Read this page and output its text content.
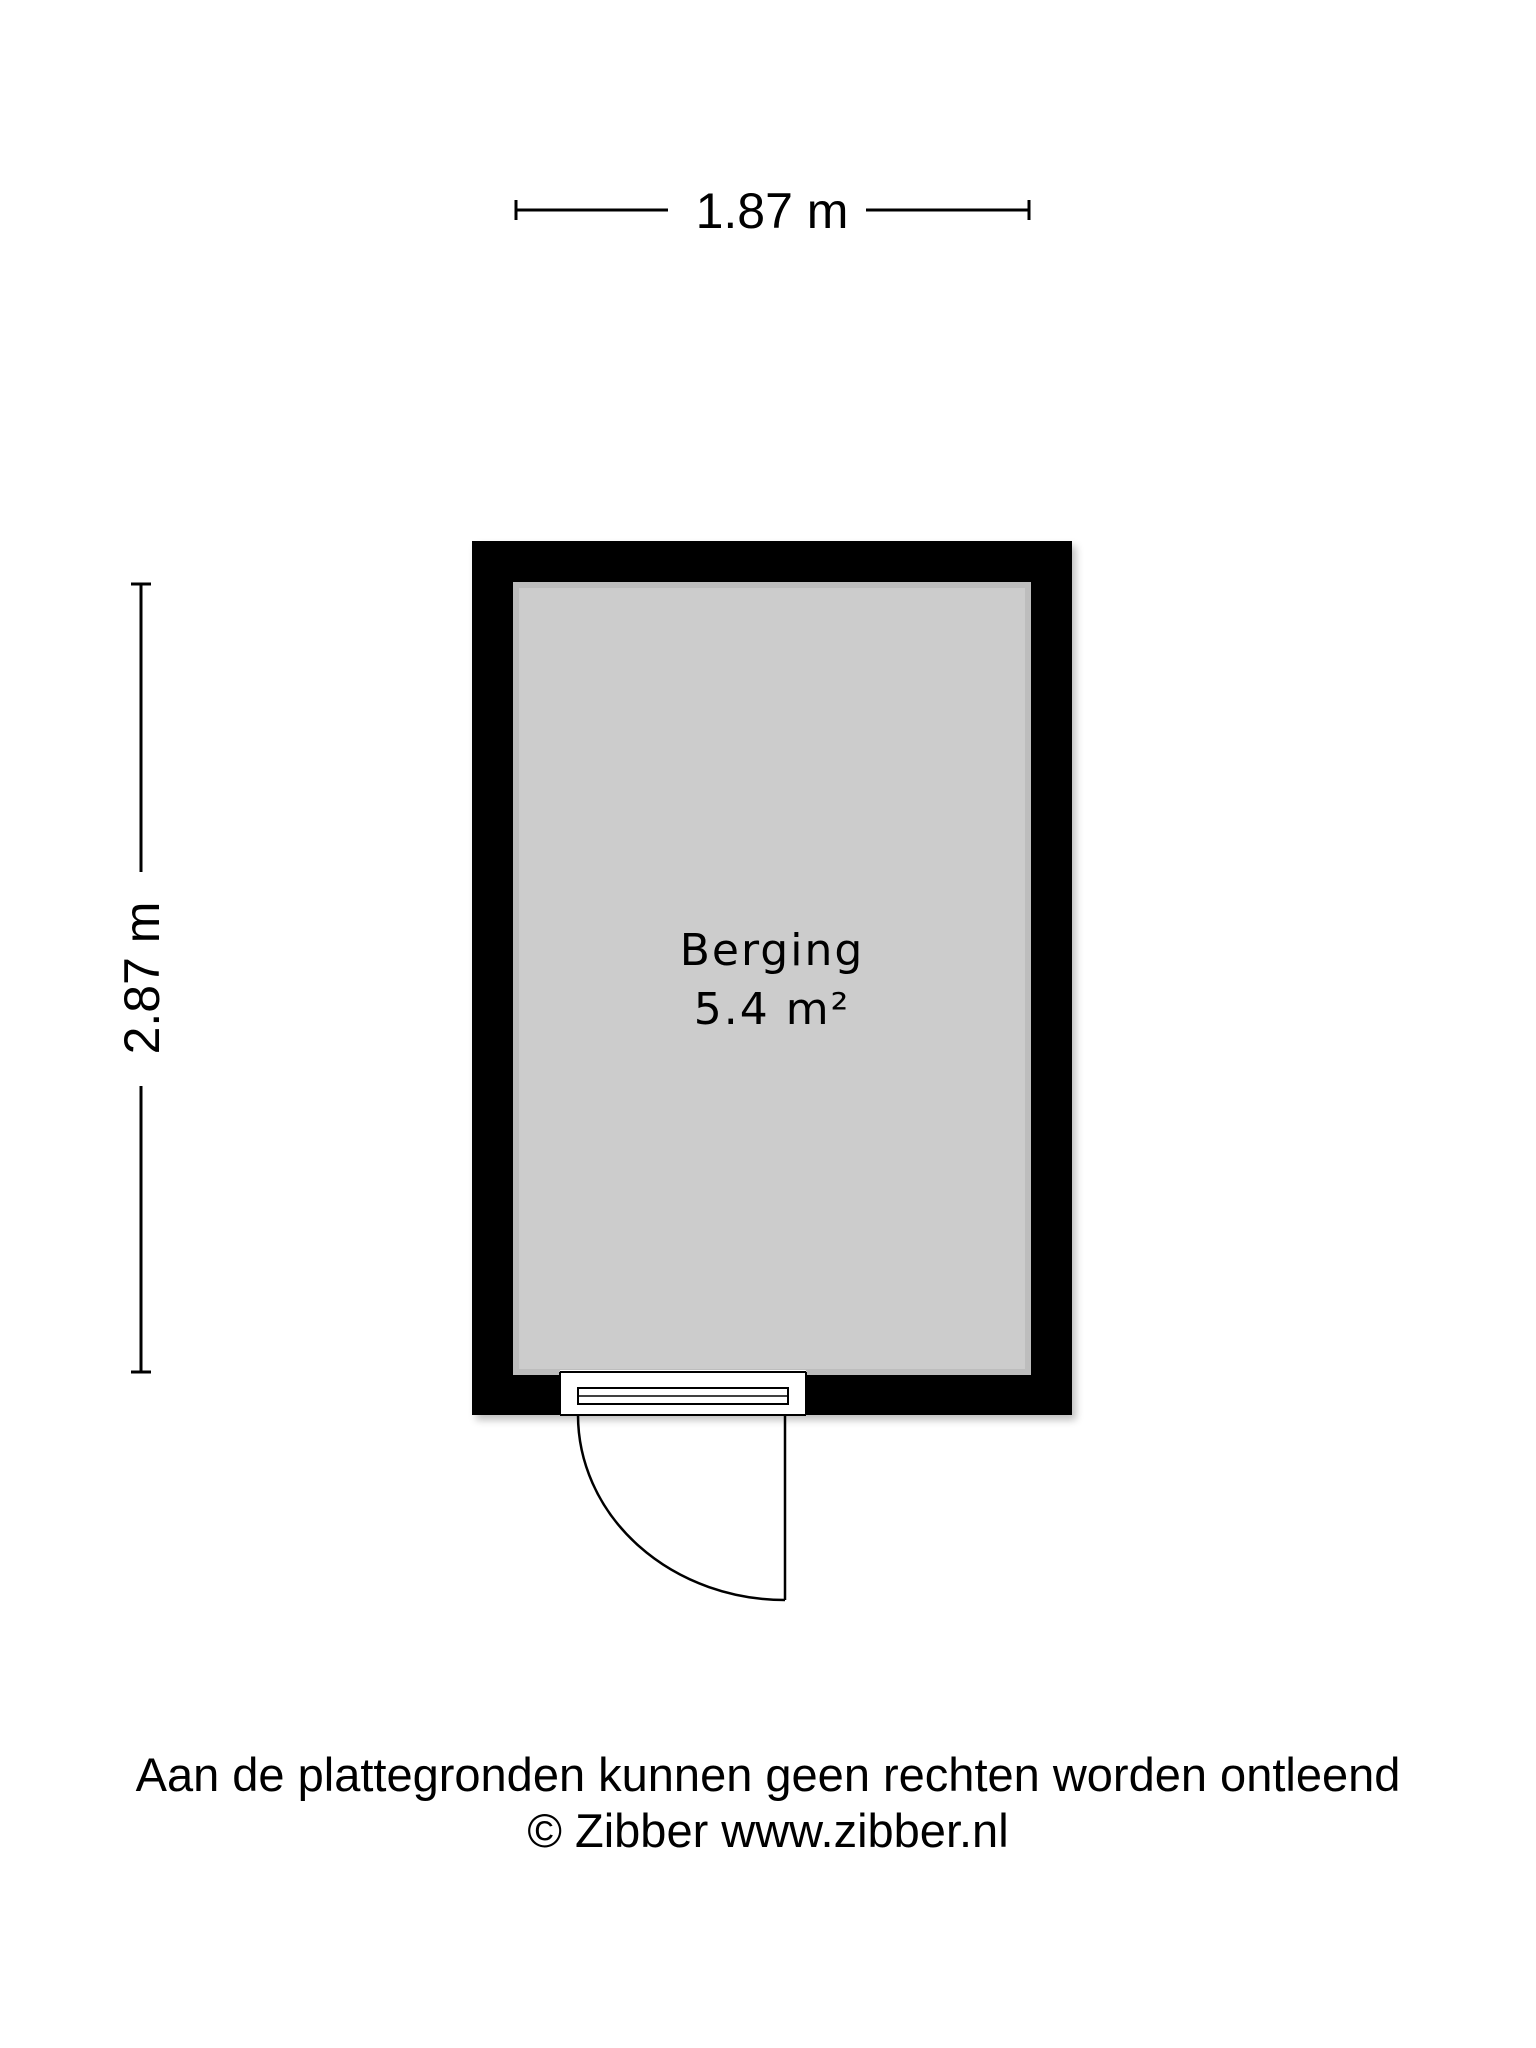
1.87 m
2.87 m	Berging
5.4 m²
Aan de plattegronden kunnen geen rechten worden ontleend
© Zibber www.zibber.nl
